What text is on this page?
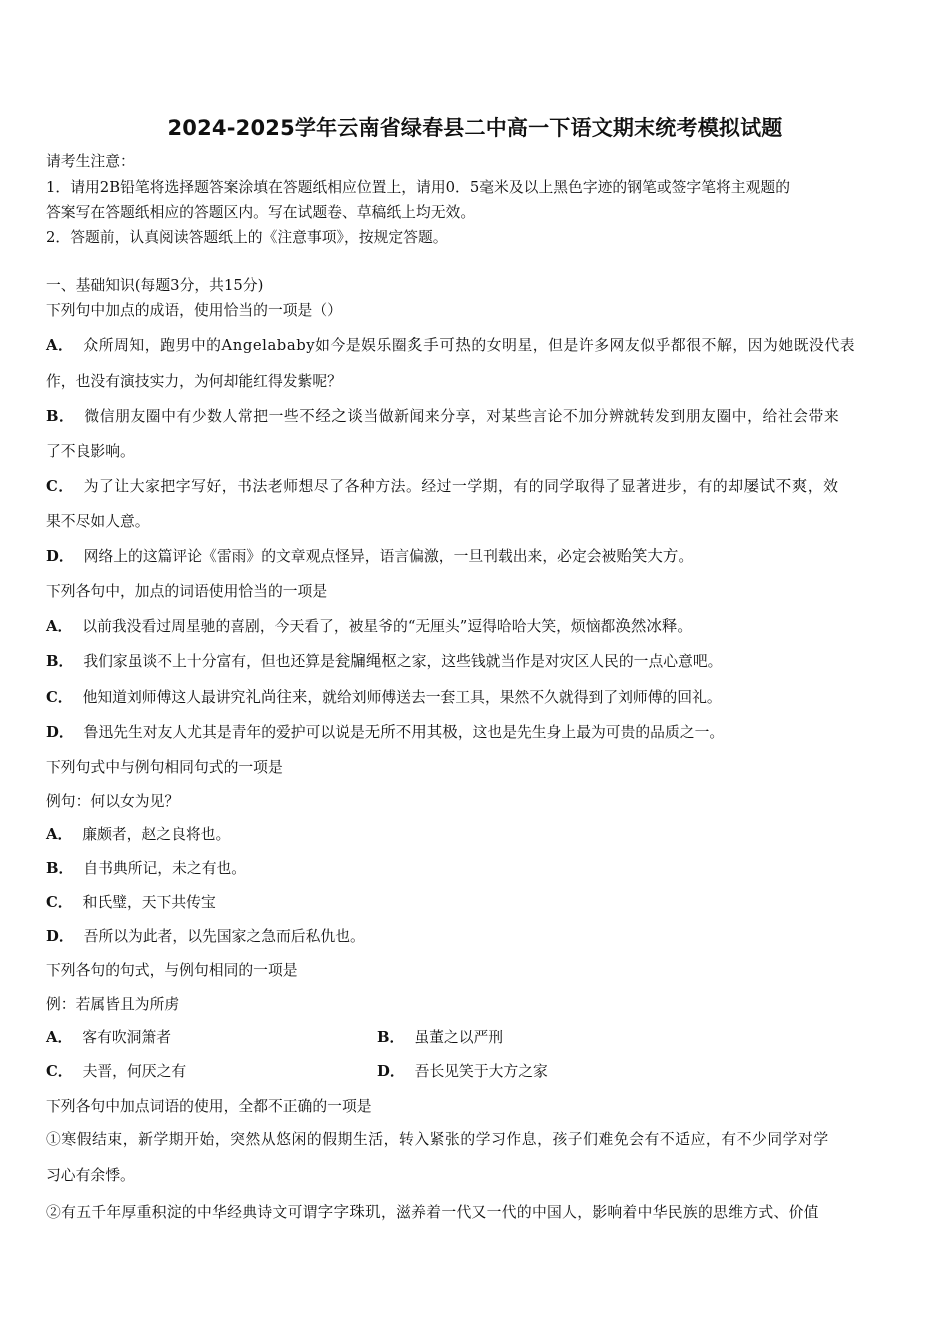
2024-2025学年云南省绿春县二中高一下语文期末统考模拟试题
请考生注意：
1．请用2B铅笔将选择题答案涂填在答题纸相应位置上，请用0．5毫米及以上黑色字迹的钢笔或签字笔将主观题的
答案写在答题纸相应的答题区内。写在试题卷、草稿纸上均无效。
2．答题前，认真阅读答题纸上的《注意事项》，按规定答题。
一、基础知识(每题3分，共15分)
下列句中加点的成语，使用恰当的一项是（）
A． 众所周知，跑男中的Angelababy如今是娱乐圈炙手可热的女明星，但是许多网友似乎都很不解，因为她既没代表
作，也没有演技实力，为何却能红得发紫呢？
B． 微信朋友圈中有少数人常把一些不经之谈当做新闻来分享，对某些言论不加分辨就转发到朋友圈中，给社会带来
了不良影响。
C． 为了让大家把字写好，书法老师想尽了各种方法。经过一学期，有的同学取得了显著进步，有的却屡试不爽，效
果不尽如人意。
D． 网络上的这篇评论《雷雨》的文章观点怪异，语言偏激，一旦刊载出来，必定会被贻笑大方。
下列各句中，加点的词语使用恰当的一项是
A． 以前我没看过周星驰的喜剧，今天看了，被星爷的“无厘头”逗得哈哈大笑，烦恼都涣然冰释。
B． 我们家虽谈不上十分富有，但也还算是瓮牖绳枢之家，这些钱就当作是对灾区人民的一点心意吧。
C． 他知道刘师傅这人最讲究礼尚往来，就给刘师傅送去一套工具，果然不久就得到了刘师傅的回礼。
D． 鲁迅先生对友人尤其是青年的爱护可以说是无所不用其极，这也是先生身上最为可贵的品质之一。
下列句式中与例句相同句式的一项是
例句：何以女为见？
A． 廉颇者，赵之良将也。
B． 自书典所记，未之有也。
C． 和氏璧，天下共传宝
D． 吾所以为此者，以先国家之急而后私仇也。
下列各句的句式，与例句相同的一项是
例：若属皆且为所虏
A． 客有吹洞箫者	B． 虽董之以严刑
C． 夫晋，何厌之有	D． 吾长见笑于大方之家
下列各句中加点词语的使用，全都不正确的一项是
①寒假结束，新学期开始，突然从悠闲的假期生活，转入紧张的学习作息，孩子们难免会有不适应，有不少同学对学
习心有余悸。
②有五千年厚重积淀的中华经典诗文可谓字字珠玑，滋养着一代又一代的中国人，影响着中华民族的思维方式、价值
